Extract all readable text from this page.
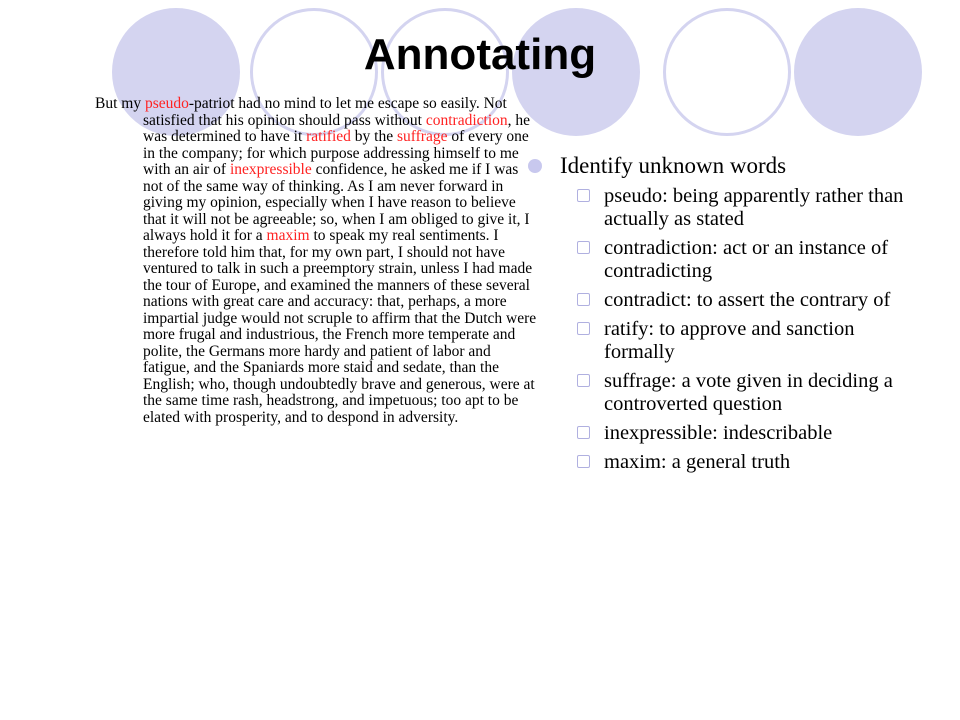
Annotating

But my pseudo-patriot had no mind to let me escape so easily. Not satisfied that his opinion should pass without contradiction, he was determined to have it ratified by the suffrage of every one in the company; for which purpose addressing himself to me with an air of inexpressible confidence, he asked me if I was not of the same way of thinking. As I am never forward in giving my opinion, especially when I have reason to believe that it will not be agreeable; so, when I am obliged to give it, I always hold it for a maxim to speak my real sentiments. I therefore told him that, for my own part, I should not have ventured to talk in such a preemptory strain, unless I had made the tour of Europe, and examined the manners of these several nations with great care and accuracy: that, perhaps, a more impartial judge would not scruple to affirm that the Dutch were more frugal and industrious, the French more temperate and polite, the Germans more hardy and patient of labor and fatigue, and the Spaniards more staid and sedate, than the English; who, though undoubtedly brave and generous, were at the same time rash, headstrong, and impetuous; too apt to be elated with prosperity, and to despond in adversity.

Identify unknown words
pseudo: being apparently rather than actually as stated
contradiction: act or an instance of contradicting
contradict: to assert the contrary of
ratify: to approve and sanction formally
suffrage: a vote given in deciding a controverted question
inexpressible: indescribable
maxim: a general truth
